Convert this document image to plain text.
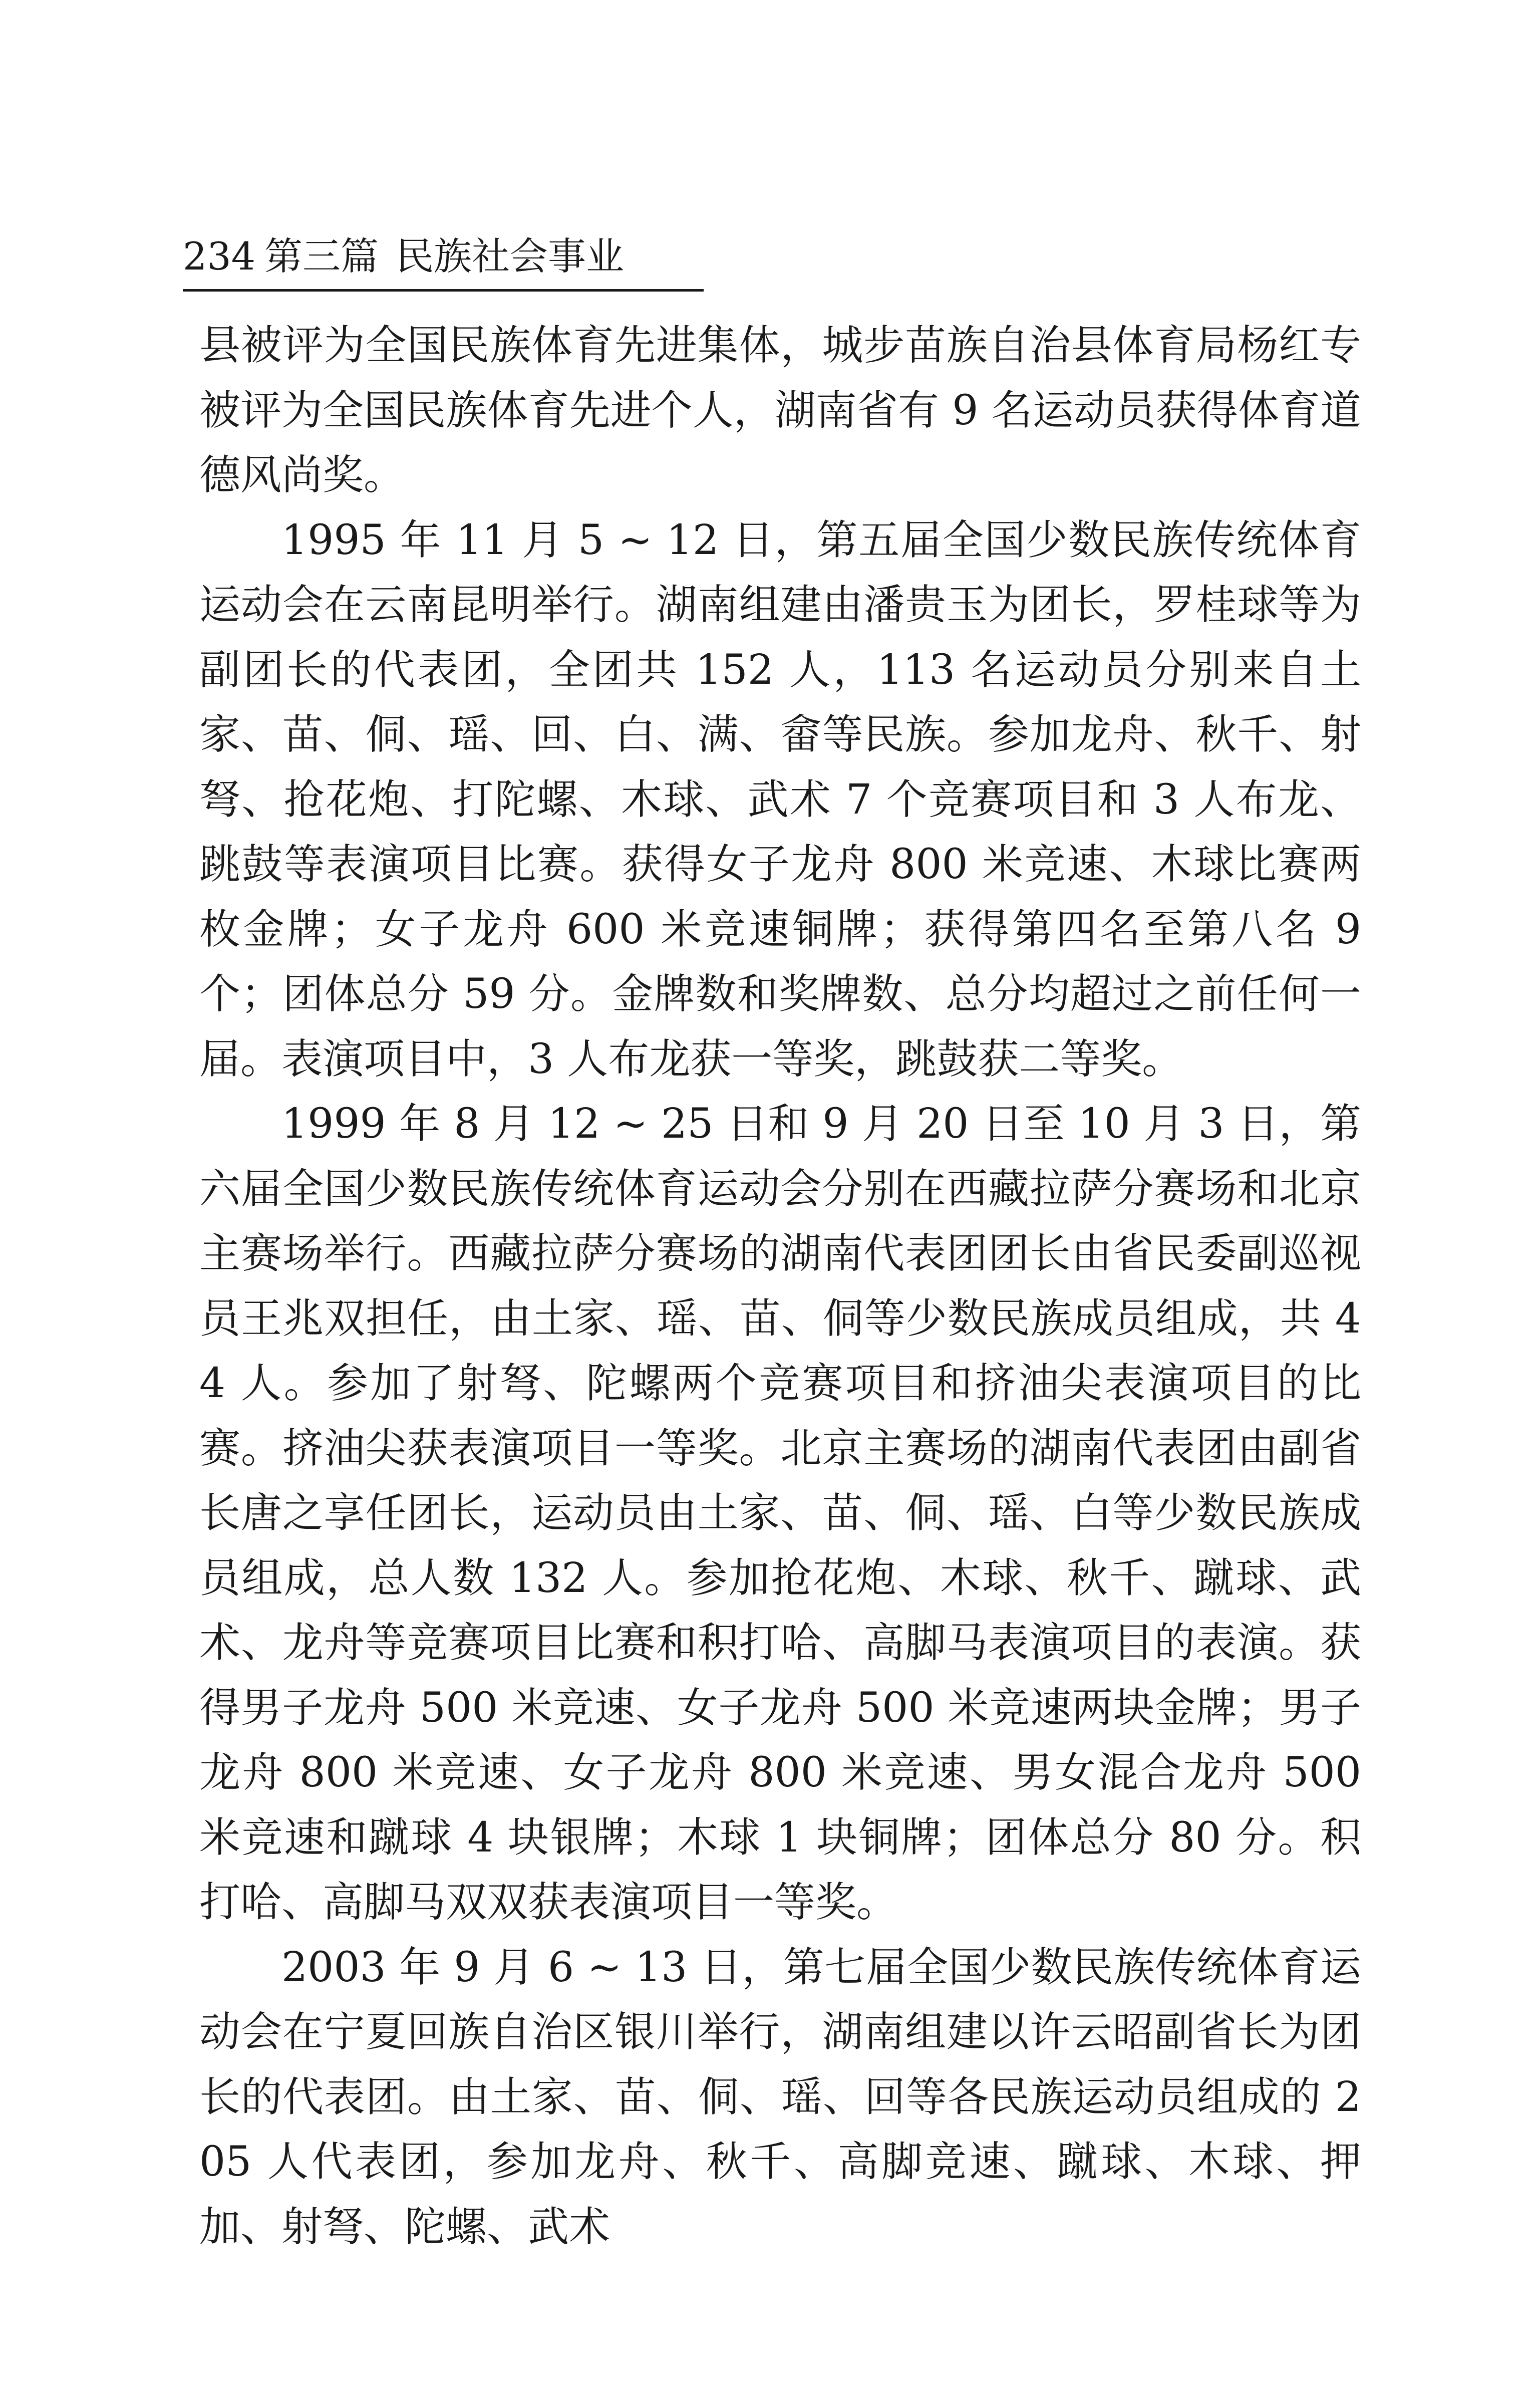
234 第三篇 民族社会事业

县被评为全国民族体育先进集体，城步苗族自治县体育局杨红专被评为全国民族体育先进个人，湖南省有 9 名运动员获得体育道德风尚奖。

1995 年 11 月 5 ~ 12 日，第五届全国少数民族传统体育运动会在云南昆明举行。湖南组建由潘贵玉为团长，罗桂球等为副团长的代表团，全团共 152 人，113 名运动员分别来自土家、苗、侗、瑶、回、白、满、畲等民族。参加龙舟、秋千、射弩、抢花炮、打陀螺、木球、武术 7 个竞赛项目和 3 人布龙、跳鼓等表演项目比赛。获得女子龙舟 800 米竞速、木球比赛两枚金牌；女子龙舟 600 米竞速铜牌；获得第四名至第八名 9 个；团体总分 59 分。金牌数和奖牌数、总分均超过之前任何一届。表演项目中，3 人布龙获一等奖，跳鼓获二等奖。

1999 年 8 月 12 ~ 25 日和 9 月 20 日至 10 月 3 日，第六届全国少数民族传统体育运动会分别在西藏拉萨分赛场和北京主赛场举行。西藏拉萨分赛场的湖南代表团团长由省民委副巡视员王兆双担任，由土家、瑶、苗、侗等少数民族成员组成，共 44 人。参加了射弩、陀螺两个竞赛项目和挤油尖表演项目的比赛。挤油尖获表演项目一等奖。北京主赛场的湖南代表团由副省长唐之享任团长，运动员由土家、苗、侗、瑶、白等少数民族成员组成，总人数 132 人。参加抢花炮、木球、秋千、蹴球、武术、龙舟等竞赛项目比赛和积打哈、高脚马表演项目的表演。获得男子龙舟 500 米竞速、女子龙舟 500 米竞速两块金牌；男子龙舟 800 米竞速、女子龙舟 800 米竞速、男女混合龙舟 500 米竞速和蹴球 4 块银牌；木球 1 块铜牌；团体总分 80 分。积打哈、高脚马双双获表演项目一等奖。

2003 年 9 月 6 ~ 13 日，第七届全国少数民族传统体育运动会在宁夏回族自治区银川举行，湖南组建以许云昭副省长为团长的代表团。由土家、苗、侗、瑶、回等各民族运动员组成的 205 人代表团，参加龙舟、秋千、高脚竞速、蹴球、木球、押加、射弩、陀螺、武术
